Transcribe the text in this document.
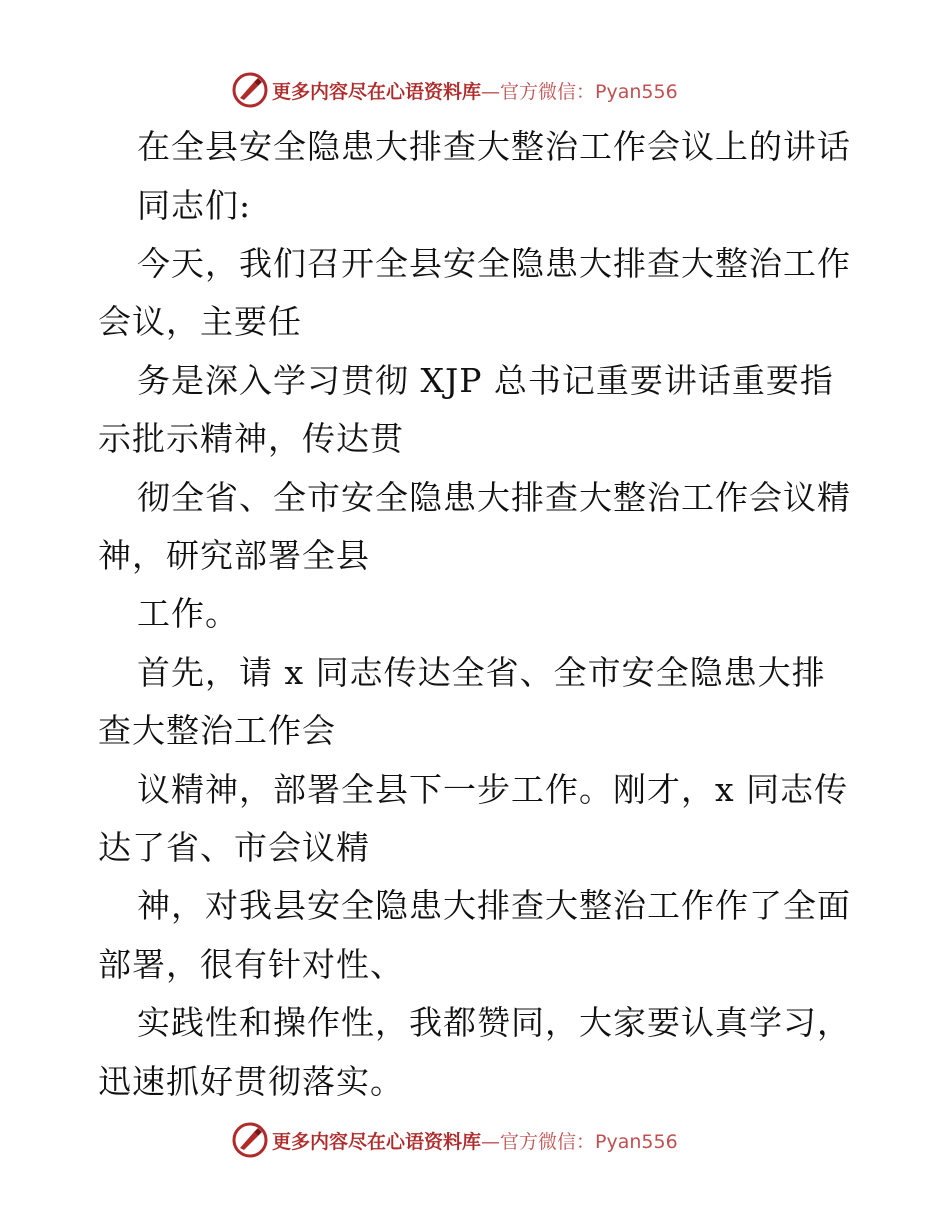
更多内容尽在心语资料库—官方微信：Pyan556
在全县安全隐患大排查大整治工作会议上的讲话
同志们:
今天，我们召开全县安全隐患大排查大整治工作
会议，主要任
务是深入学习贯彻 XJP 总书记重要讲话重要指
示批示精神，传达贯
彻全省、全市安全隐患大排查大整治工作会议精
神，研究部署全县
工作。
首先，请 x 同志传达全省、全市安全隐患大排
查大整治工作会
议精神，部署全县下一步工作。刚才，x 同志传
达了省、市会议精
神，对我县安全隐患大排查大整治工作作了全面
部署，很有针对性、
实践性和操作性，我都赞同，大家要认真学习，
迅速抓好贯彻落实。
更多内容尽在心语资料库—官方微信：Pyan556
